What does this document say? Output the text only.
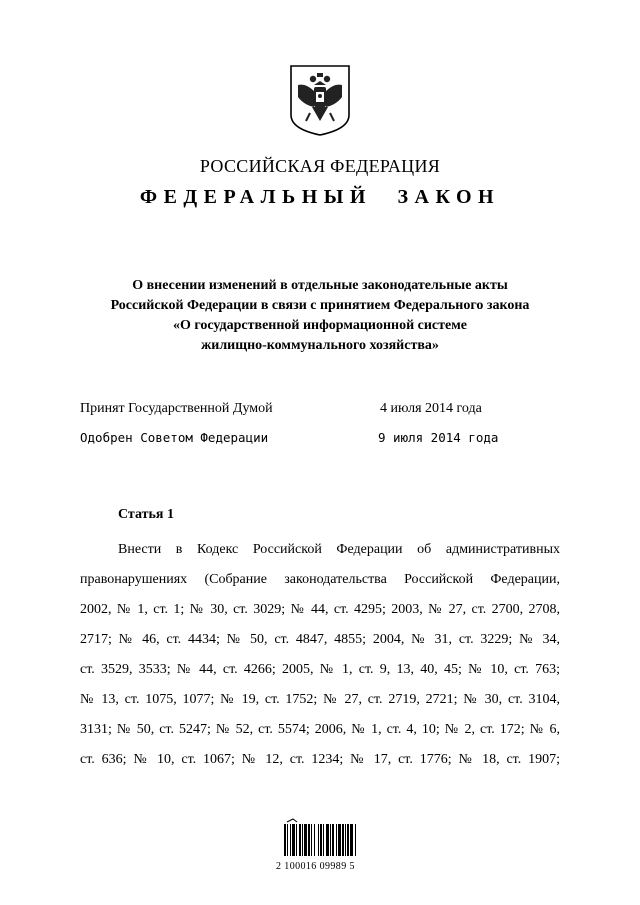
РОССИЙСКАЯ ФЕДЕРАЦИЯ
ФЕДЕРАЛЬНЫЙ ЗАКОН
О внесении изменений в отдельные законодательные акты
Российской Федерации в связи с принятием Федерального закона
«О государственной информационной системе
жилищно-коммунального хозяйства»
Принят Государственной Думой	4 июля 2014 года
Одобрен Советом Федерации	9 июля 2014 года
Статья 1
Внести в Кодекс Российской Федерации об административных
правонарушениях (Собрание законодательства Российской Федерации,
2002, № 1, ст. 1; № 30, ст. 3029; № 44, ст. 4295; 2003, № 27, ст. 2700, 2708,
2717; № 46, ст. 4434; № 50, ст. 4847, 4855; 2004, № 31, ст. 3229; № 34,
ст. 3529, 3533; № 44, ст. 4266; 2005, № 1, ст. 9, 13, 40, 45; № 10, ст. 763;
№ 13, ст. 1075, 1077; № 19, ст. 1752; № 27, ст. 2719, 2721; № 30, ст. 3104,
3131; № 50, ст. 5247; № 52, ст. 5574; 2006, № 1, ст. 4, 10; № 2, ст. 172; № 6,
ст. 636; № 10, ст. 1067; № 12, ст. 1234; № 17, ст. 1776; № 18, ст. 1907;
2 100016 09989 5
